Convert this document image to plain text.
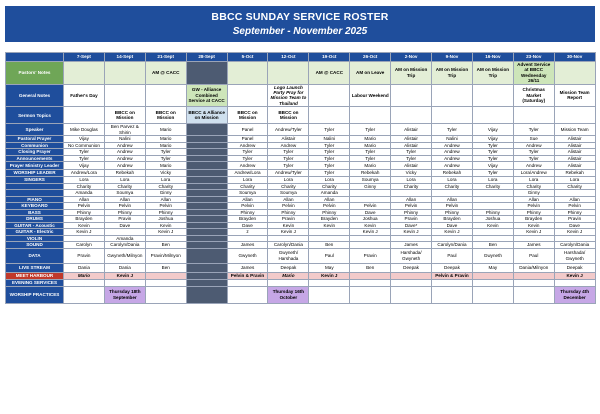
BBCC SUNDAY SERVICE ROSTER
September - November 2025
	7-Sept	14-Sept	21-Sept	28-Sept	5-Oct	12-Oct	19-Oct	26-Oct	2-Nov	9-Nov	16-Nov	23-Nov	30-Nov
Pastors' Notes			AM @ CACC				AM @ CACC	AM on Leave	AM on Mission Trip	AM on Mission Trip	AM on Mission Trip	Advent Service at BBCC Wednesday 26/11	
General Notes	Father's Day			GW - Alliance Combined Service at CACC		Logo Launch Party Pray for Mission Team to Thailand		Labour Weekend				Christmas Market (Saturday)	Mission Team Report
Sermon Topics		BBCC on Mission	BBCC on Mission	BBCC & Alliance on Mission	BBCC on Mission	BBCC on Mission							
Speaker	Mike Douglas	Ben Parvez & Shirin	Mario		Panel	Andrew/Tyler	Tyler	Tyler	Alistair	Tyler	Vijay	Tyler	Mission Team
Pastoral Prayer	Vijay	Nalini	Mario		Panel	Alistair	Nalini	Mario	Alistair	Nalini	Vijay	Sue	Alistair
Communion	No Communion	Andrew	Mario		Andrew	Andrew	Tyler	Mario	Alistair	Andrew	Tyler	Andrew	Alistair
Closing Prayer	Tyler	Andrew	Tyler		Tyler	Tyler	Tyler	Tyler	Tyler	Andrew	Tyler	Tyler	Alistair
Announcements	Tyler	Andrew	Tyler		Tyler	Tyler	Tyler	Tyler	Tyler	Andrew	Tyler	Tyler	Alistair
Prayer Ministry Leader	Vijay	Andrew	Mario		Andrew	Tyler	Tyler	Mario	Alistair	Andrew	Vijay	Andrew	Alistair
WORSHIP LEADER	Andrew/Lora	Rebekah	Vicky		Andrew/Lora	Andrew/Tyler	Tyler	Rebekah	Vicky	Rebekah	Tyler	Lora/Andrew	Rebekah
SINGERS	Lora	Lora	Lora		Lora	Lora	Lora	Soumya	Lora	Lora	Lora	Lora	Lora
	Charity	Charity	Charity		Charity	Charity	Charity	Ginny	Charity	Charity	Charity	Charity	Charity
	Amanda	Soumya	Ginny		Soumya	Soumya	Amanda					Ginny	
PIANO	Allan	Allan	Allan		Allan	Allan	Allan		Allan	Allan		Allan	Allan
KEYBOARD	Pelvin	Pelvin	Pelvin		Pelvin	Pelvin	Pelvin	Pelvin	Pelvin	Pelvin		Pelvin	Pelvin
BASS	Phinny	Phinny	Phinny		Phinny	Phinny	Phinny	Dave	Phinny	Phinny	Phinny	Phinny	Phinny
DRUMS	Brayden	Pravin	Joshua		Brayden	Pravin	Brayden	Joshua	Pravin	Brayden	Joshua	Brayden	Pravin
GUITAR - Acoustic	Kevin	Dave	Kevin		Dave	Kevin	Kevin	Kevin	Dave*	Dave	Kevin	Kevin	Dave
GUITAR - Electric	Kevin J		Kevin J		z	Kevin J		Kevin J	Kevin J	Kevin J		Kevin J	Kevin J
VIOLIN		Amanda											
SOUND	Carolyn	Carolyn/Dania	Ben		James	Carolyn/Dania	Ben		James	Carolyn/Dania	Ben	James	Carolyn/Dania
DATA	Pravin	Gwyneth/Milnyon	Pravin/Milnyon		Gwyneth	Gwyneth/ Harshada	Paul	Pravin	Harshada/ Gwyneth	Paul	Gwyneth	Paul	Harshada/ Gwyneth
LIVE STREAM	Dania	Dania	Ben		James	Deepak	May	Ben	Deepak	Deepak	May	Dania/Milnyon	Deepak
MEET HARBOUR	Mario	Kevin J			Pelvin & Pravin	Mario	Kevin J			Pelvin & Pravin			Kevin J
EVENING SERVICES													
WORSHIP PRACTICES		Thursday 18th September				Thursday 16th October							Thursday 4th December
